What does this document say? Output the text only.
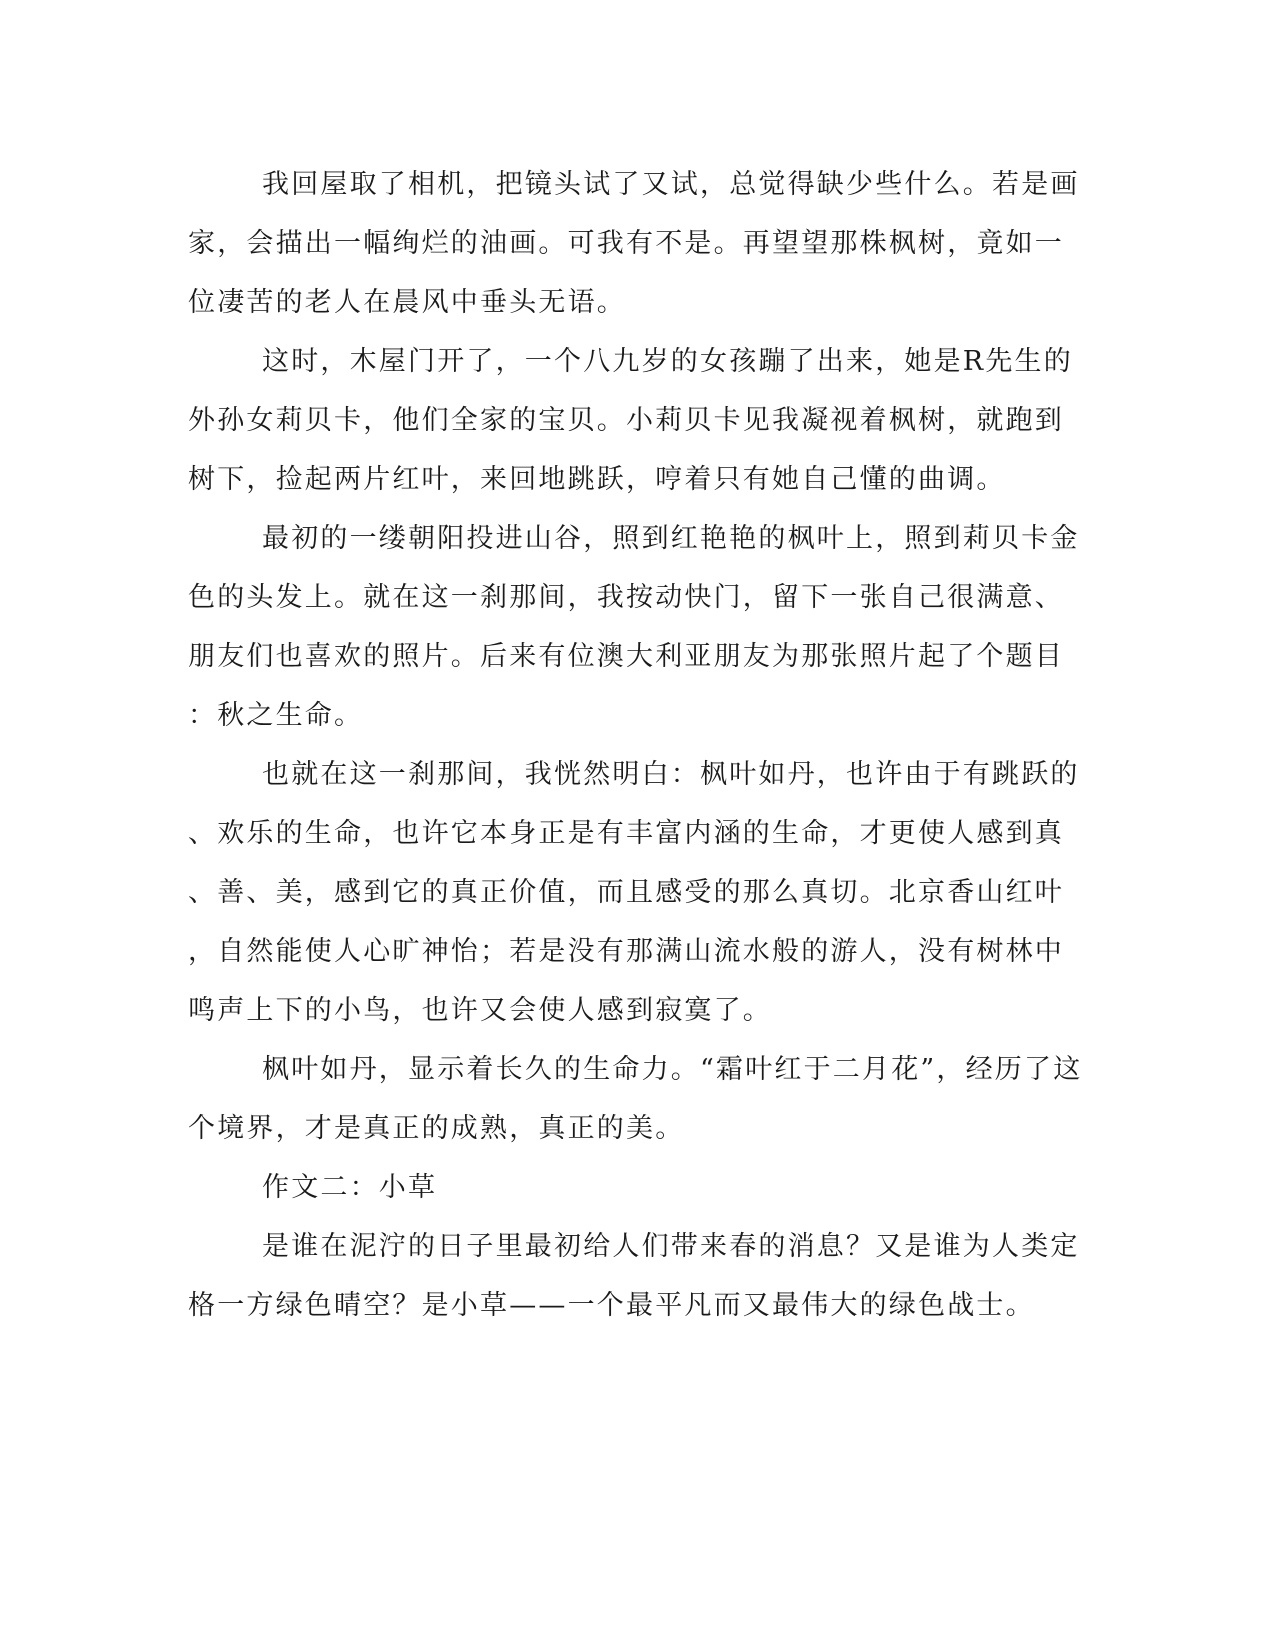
我回屋取了相机，把镜头试了又试，总觉得缺少些什么。若是画
家，会描出一幅绚烂的油画。可我有不是。再望望那株枫树，竟如一
位凄苦的老人在晨风中垂头无语。
这时，木屋门开了，一个八九岁的女孩蹦了出来，她是R先生的
外孙女莉贝卡，他们全家的宝贝。小莉贝卡见我凝视着枫树，就跑到
树下，捡起两片红叶，来回地跳跃，哼着只有她自己懂的曲调。
最初的一缕朝阳投进山谷，照到红艳艳的枫叶上，照到莉贝卡金
色的头发上。就在这一刹那间，我按动快门，留下一张自己很满意、
朋友们也喜欢的照片。后来有位澳大利亚朋友为那张照片起了个题目
：秋之生命。
也就在这一刹那间，我恍然明白：枫叶如丹，也许由于有跳跃的
、欢乐的生命，也许它本身正是有丰富内涵的生命，才更使人感到真
、善、美，感到它的真正价值，而且感受的那么真切。北京香山红叶
，自然能使人心旷神怡；若是没有那满山流水般的游人，没有树林中
鸣声上下的小鸟，也许又会使人感到寂寞了。
枫叶如丹，显示着长久的生命力。“霜叶红于二月花”，经历了这
个境界，才是真正的成熟，真正的美。
作文二：小草
是谁在泥泞的日子里最初给人们带来春的消息？又是谁为人类定
格一方绿色晴空？是小草——一个最平凡而又最伟大的绿色战士。
